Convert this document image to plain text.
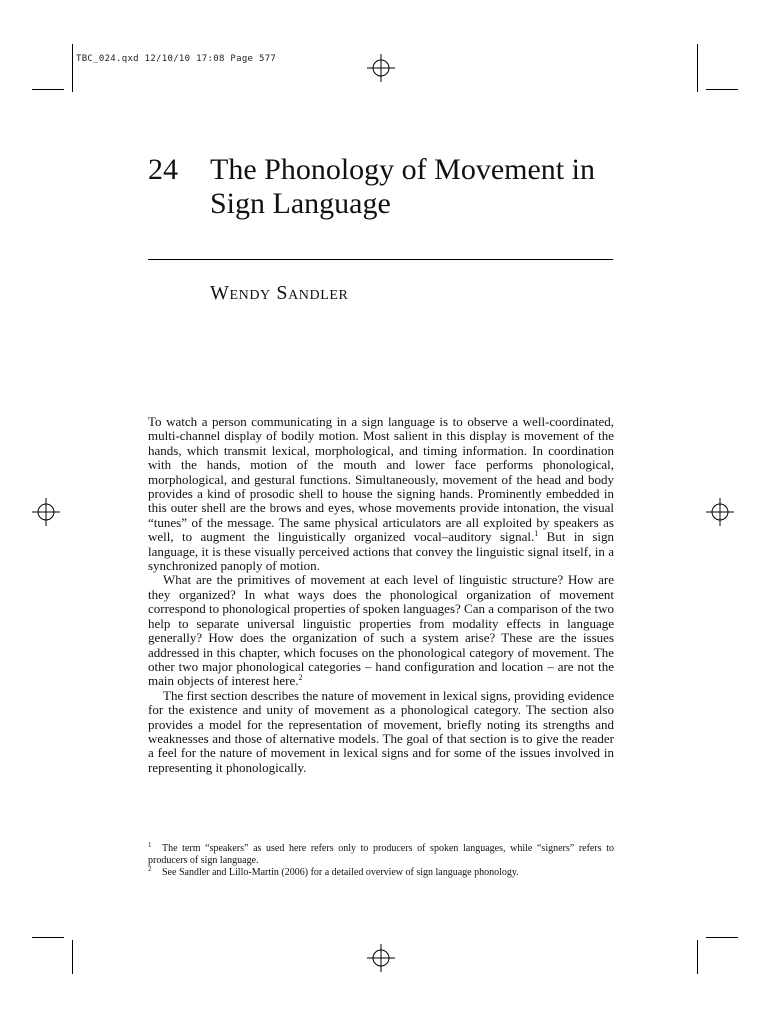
TBC_024.qxd 12/10/10 17:08 Page 577
24 The Phonology of Movement in Sign Language
Wendy Sandler

To watch a person communicating in a sign language is to observe a well-coordinated, multi-channel display of bodily motion. Most salient in this display is movement of the hands, which transmit lexical, morphological, and timing information. In coordination with the hands, motion of the mouth and lower face performs phonological, morphological, and gestural functions. Simultaneously, movement of the head and body provides a kind of prosodic shell to house the signing hands. Prominently embedded in this outer shell are the brows and eyes, whose movements provide intonation, the visual “tunes” of the message. The same physical articulators are all exploited by speakers as well, to augment the linguistically organized vocal–auditory signal.$^1$ But in sign language, it is these visually perceived actions that convey the linguistic signal itself, in a synchronized panoply of motion.

What are the primitives of movement at each level of linguistic structure? How are they organized? In what ways does the phonological organization of movement correspond to phonological properties of spoken languages? Can a comparison of the two help to separate universal linguistic properties from modality effects in language generally? How does the organization of such a system arise? These are the issues addressed in this chapter, which focuses on the phonological category of movement. The other two major phonological categories – hand configuration and location – are not the main objects of interest here.$^2$

The first section describes the nature of movement in lexical signs, providing evidence for the existence and unity of movement as a phonological category. The section also provides a model for the representation of movement, briefly noting its strengths and weaknesses and those of alternative models. The goal of that section is to give the reader a feel for the nature of movement in lexical signs and for some of the issues involved in representing it phonologically.

$^1$ The term “speakers” as used here refers only to producers of spoken languages, while “signers” refers to producers of sign language.

$^2$ See Sandler and Lillo-Martin (2006) for a detailed overview of sign language phonology.
